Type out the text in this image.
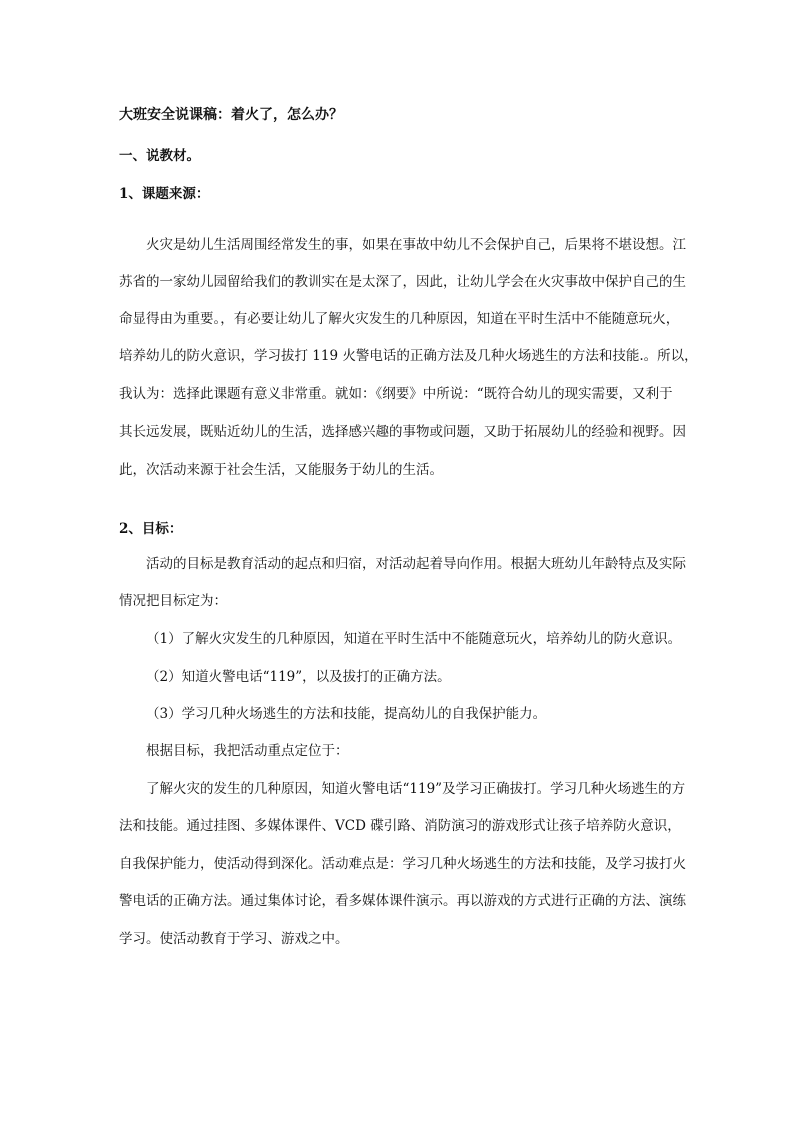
大班安全说课稿：着火了，怎么办？
一、说教材。
1、课题来源：
火灾是幼儿生活周围经常发生的事，如果在事故中幼儿不会保护自己，后果将不堪设想。江
苏省的一家幼儿园留给我们的教训实在是太深了，因此，让幼儿学会在火灾事故中保护自己的生
命显得由为重要。，有必要让幼儿了解火灾发生的几种原因，知道在平时生活中不能随意玩火，
培养幼儿的防火意识，学习拔打 119 火警电话的正确方法及几种火场逃生的方法和技能.。所以，
我认为：选择此课题有意义非常重。就如：《纲要》中所说：“既符合幼儿的现实需要，又利于
其长远发展，既贴近幼儿的生活，选择感兴趣的事物或问题，又助于拓展幼儿的经验和视野。因
此，次活动来源于社会生活，又能服务于幼儿的生活。
2、目标：
活动的目标是教育活动的起点和归宿，对活动起着导向作用。根据大班幼儿年龄特点及实际
情况把目标定为：
（1）了解火灾发生的几种原因，知道在平时生活中不能随意玩火，培养幼儿的防火意识。
（2）知道火警电话“119”，以及拔打的正确方法。
（3）学习几种火场逃生的方法和技能，提高幼儿的自我保护能力。
根据目标，我把活动重点定位于：
了解火灾的发生的几种原因，知道火警电话“119”及学习正确拔打。学习几种火场逃生的方
法和技能。通过挂图、多媒体课件、VCD 碟引路、消防演习的游戏形式让孩子培养防火意识，
自我保护能力，使活动得到深化。活动难点是：学习几种火场逃生的方法和技能，及学习拔打火
警电话的正确方法。通过集体讨论，看多媒体课件演示。再以游戏的方式进行正确的方法、演练
学习。使活动教育于学习、游戏之中。
